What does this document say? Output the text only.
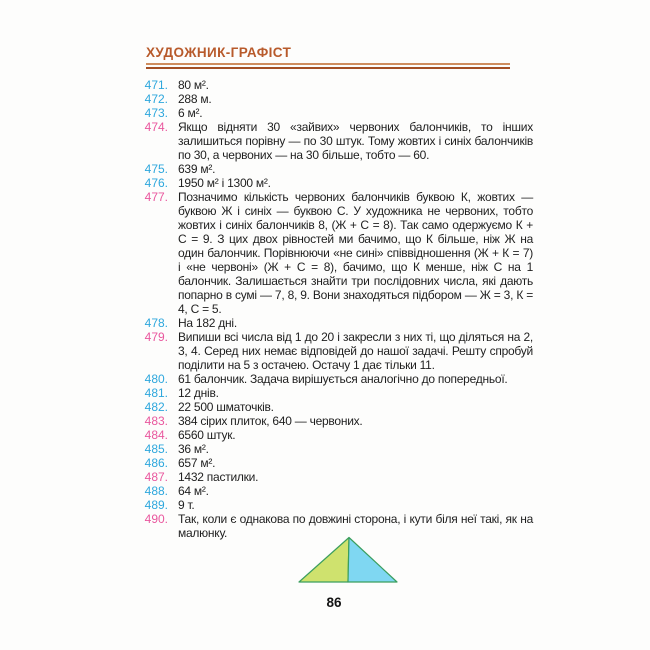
ХУДОЖНИК-ГРАФІСТ
471. 80 м².
472. 288 м.
473. 6 м².
474. Якщо відняти 30 «зайвих» червоних балончиків, то інших залишиться порівну — по 30 штук. Тому жовтих і синіх балончиків по 30, а червоних — на 30 більше, тобто — 60.
475. 639 м².
476. 1950 м² і 1300 м².
477. Позначимо кількість червоних балончиків буквою К, жовтих — буквою Ж і синіх — буквою С. У художника не червоних, тобто жовтих і синіх балончиків 8, (Ж + С = 8). Так само одержуємо К + С = 9. З цих двох рівностей ми бачимо, що К більше, ніж Ж на один балончик. Порівнюючи «не сині» співвідношення (Ж + К = 7) і «не червоні» (Ж + С = 8), бачимо, що К менше, ніж С на 1 балончик. Залишається знайти три послідовних числа, які дають попарно в сумі — 7, 8, 9. Вони знаходяться підбором — Ж = 3, К = 4, С = 5.
478. На 182 дні.
479. Випиши всі числа від 1 до 20 і закресли з них ті, що діляться на 2, 3, 4. Серед них немає відповідей до нашої задачі. Решту спробуй поділити на 5 з остачею. Остачу 1 дає тільки 11.
480. 61 балончик. Задача вирішується аналогічно до попередньої.
481. 12 днів.
482. 22 500 шматочків.
483. 384 сірих плиток, 640 — червоних.
484. 6560 штук.
485. 36 м².
486. 657 м².
487. 1432 пастилки.
488. 64 м².
489. 9 т.
490. Так, коли є однакова по довжині сторона, і кути біля неї такі, як на малюнку.
86
